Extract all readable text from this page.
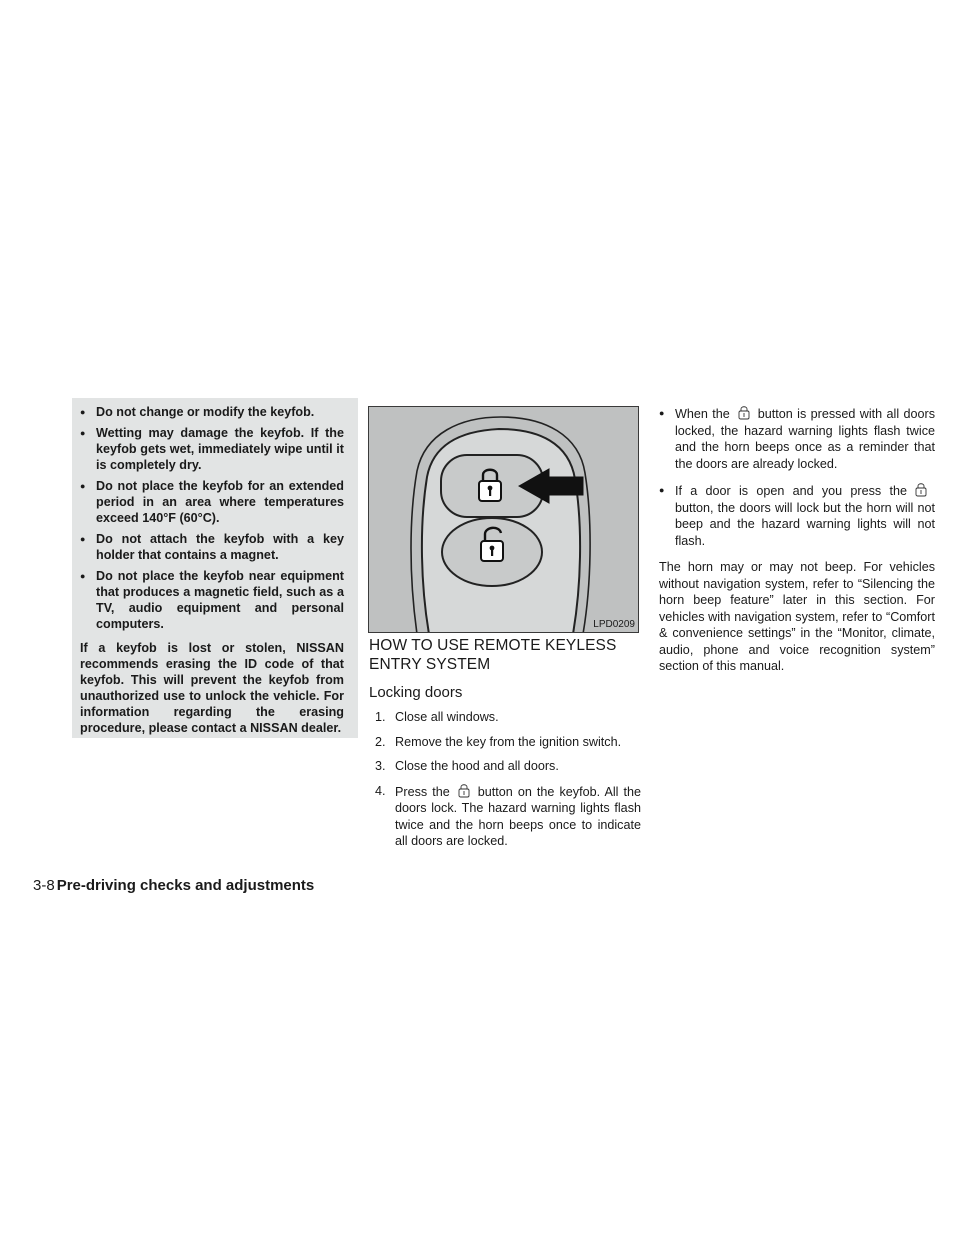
● Do not change or modify the keyfob.
● Wetting may damage the keyfob. If the keyfob gets wet, immediately wipe until it is completely dry.
● Do not place the keyfob for an extended period in an area where temperatures exceed 140°F (60°C).
● Do not attach the keyfob with a key holder that contains a magnet.
● Do not place the keyfob near equipment that produces a magnetic field, such as a TV, audio equipment and personal computers.

If a keyfob is lost or stolen, NISSAN recommends erasing the ID code of that keyfob. This will prevent the keyfob from unauthorized use to unlock the vehicle. For information regarding the erasing procedure, please contact a NISSAN dealer.

LPD0209
HOW TO USE REMOTE KEYLESS ENTRY SYSTEM
Locking doors
1. Close all windows.
2. Remove the key from the ignition switch.
3. Close the hood and all doors.
4. Press the button on the keyfob. All the doors lock. The hazard warning lights flash twice and the horn beeps once to indicate all doors are locked.
● When the button is pressed with all doors locked, the hazard warning lights flash twice and the horn beeps once as a reminder that the doors are already locked.
● If a door is open and you press thebutton, the doors will lock but the horn will not beep and the hazard warning lights will not flash.

The horn may or may not beep. For vehicles without navigation system, refer to “Silencing the horn beep feature” later in this section. For vehicles with navigation system, refer to “Comfort & convenience settings” in the “Monitor, climate, audio, phone and voice recognition system” section of this manual.

3-8 Pre-driving checks and adjustments
